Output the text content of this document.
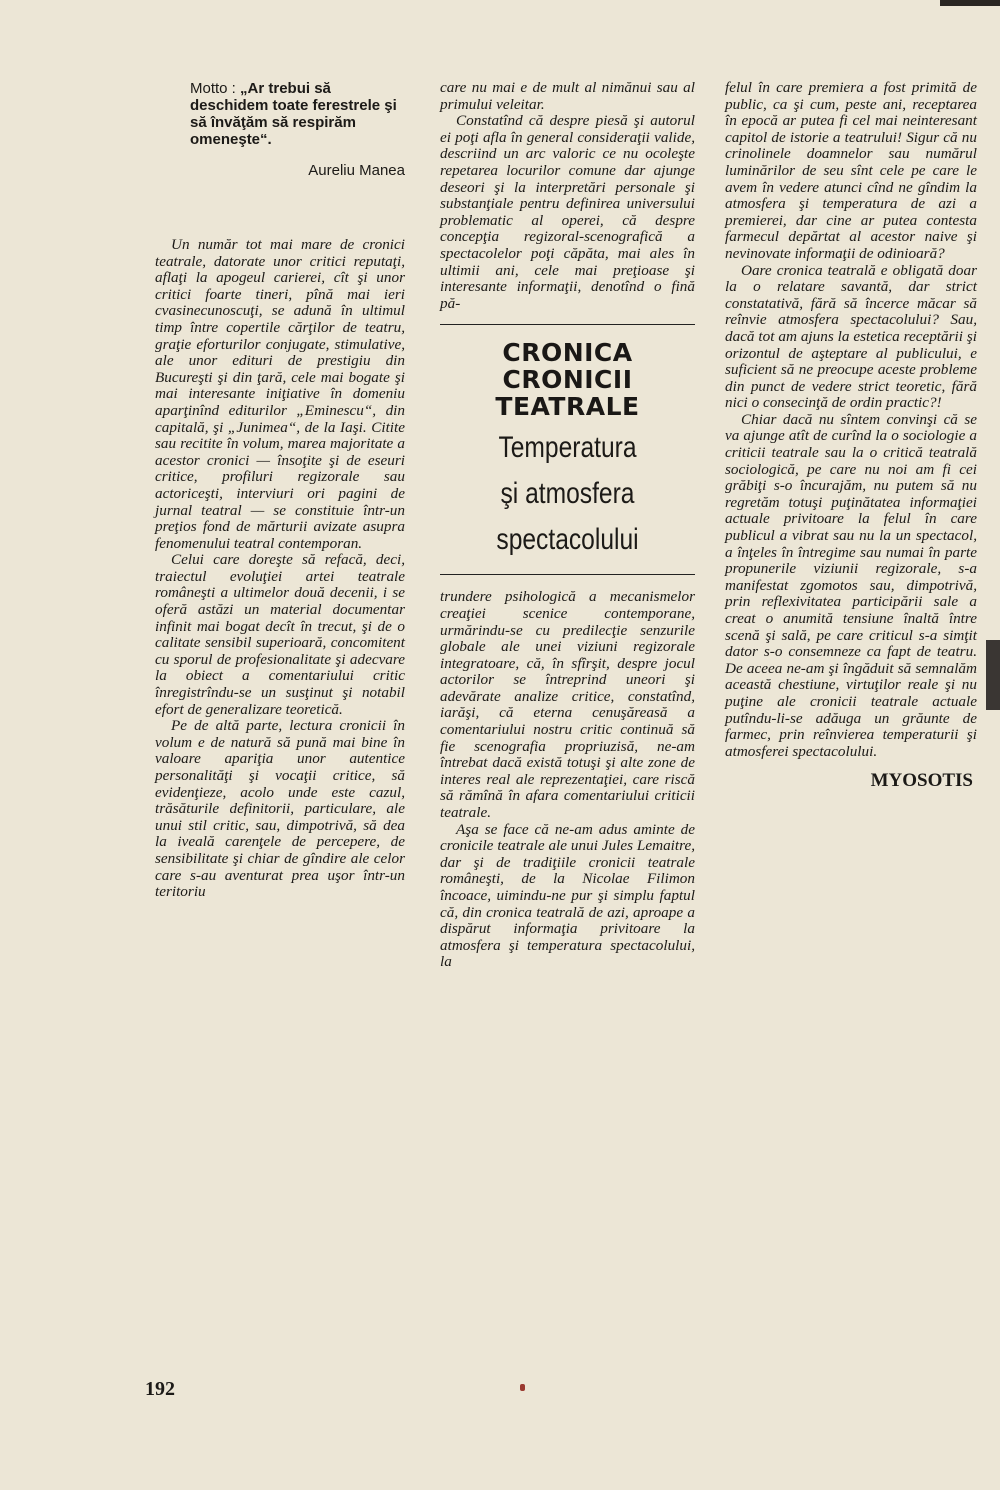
Motto : „Ar trebui să deschidem toate ferestrele şi să învăţăm să respirăm omeneşte“.

Aureliu Manea

Un număr tot mai mare de cronici teatrale, datorate unor critici reputaţi, aflaţi la apogeul carierei, cît şi unor critici foarte tineri, pînă mai ieri cvasinecunoscuţi, se adună în ultimul timp între copertile cărţilor de teatru, graţie eforturilor conjugate, stimulative, ale unor edituri de prestigiu din Bucureşti şi din ţară, cele mai bogate şi mai interesante iniţiative în domeniu aparţinînd editurilor „Eminescu“, din capitală, şi „Junimea“, de la Iaşi. Citite sau recitite în volum, marea majoritate a acestor cronici — însoţite şi de eseuri critice, profiluri regizorale sau actoriceşti, interviuri ori pagini de jurnal teatral — se constituie într-un preţios fond de mărturii avizate asupra fenomenului teatral contemporan.

Celui care doreşte să refacă, deci, traiectul evoluţiei artei teatrale româneşti a ultimelor două decenii, i se oferă astăzi un material documentar infinit mai bogat decît în trecut, şi de o calitate sensibil superioară, concomitent cu sporul de profesionalitate şi adecvare la obiect a comentariului critic înregistrîndu-se un susţinut şi notabil efort de generalizare teoretică.

Pe de altă parte, lectura cronicii în volum e de natură să pună mai bine în valoare apariţia unor autentice personalităţi şi vocaţii critice, să evidenţieze, acolo unde este cazul, trăsăturile definitorii, particulare, ale unui stil critic, sau, dimpotrivă, să dea la iveală carenţele de percepere, de sensibilitate şi chiar de gîndire ale celor care s-au aventurat prea uşor într-un teritoriu

care nu mai e de mult al nimănui sau al primului veleitar.

Constatînd că despre piesă şi autorul ei poţi afla în general consideraţii valide, descriind un arc valoric ce nu ocoleşte repetarea locurilor comune dar ajunge deseori şi la interpretări personale şi substanţiale pentru definirea universului problematic al operei, că despre concepţia regizoral-scenografică a spectacolelor poţi căpăta, mai ales în ultimii ani, cele mai preţioase şi interesante informaţii, denotînd o fină pă-

CRONICA
CRONICII
TEATRALE
Temperatura
şi atmosfera
spectacolului

trundere psihologică a mecanismelor creaţiei scenice contemporane, urmărindu-se cu predilecţie senzurile globale ale unei viziuni regizorale integratoare, că, în sfîrşit, despre jocul actorilor se întreprind uneori şi adevărate analize critice, constatînd, iarăşi, că eterna cenuşăreasă a comentariului nostru critic continuă să fie scenografia propriuzisă, ne-am întrebat dacă există totuşi şi alte zone de interes real ale reprezentaţiei, care riscă să rămînă în afara comentariului criticii teatrale.

Aşa se face că ne-am adus aminte de cronicile teatrale ale unui Jules Lemaitre, dar şi de tradiţiile cronicii teatrale româneşti, de la Nicolae Filimon încoace, uimindu-ne pur şi simplu faptul că, din cronica teatrală de azi, aproape a dispărut informaţia privitoare la atmosfera şi temperatura spectacolului, la

felul în care premiera a fost primită de public, ca şi cum, peste ani, receptarea în epocă ar putea fi cel mai neinteresant capitol de istorie a teatrului! Sigur că nu crinolinele doamnelor sau numărul luminărilor de seu sînt cele pe care le avem în vedere atunci cînd ne gîndim la atmosfera şi temperatura de azi a premierei, dar cine ar putea contesta farmecul depărtat al acestor naive şi nevinovate informaţii de odinioară?

Oare cronica teatrală e obligată doar la o relatare savantă, dar strict constatativă, fără să încerce măcar să reînvie atmosfera spectacolului? Sau, dacă tot am ajuns la estetica receptării şi orizontul de aşteptare al publicului, e suficient să ne preocupe aceste probleme din punct de vedere strict teoretic, fără nici o consecinţă de ordin practic?!

Chiar dacă nu sîntem convinşi că se va ajunge atît de curînd la o sociologie a criticii teatrale sau la o critică teatrală sociologică, pe care nu noi am fi cei grăbiţi s-o încurajăm, nu putem să nu regretăm totuşi puţinătatea informaţiei actuale privitoare la felul în care publicul a vibrat sau nu la un spectacol, a înţeles în întregime sau numai în parte propunerile viziunii regizorale, s-a manifestat zgomotos sau, dimpotrivă, prin reflexivitatea participării sale a creat o anumită tensiune înaltă între scenă şi sală, pe care criticul s-a simţit dator s-o consemneze ca fapt de teatru. De aceea ne-am şi îngăduit să semnalăm această chestiune, virtuţilor reale şi nu puţine ale cronicii teatrale actuale putîndu-li-se adăuga un grăunte de farmec, prin reînvierea temperaturii şi atmosferei spectacolului.

MYOSOTIS

192
